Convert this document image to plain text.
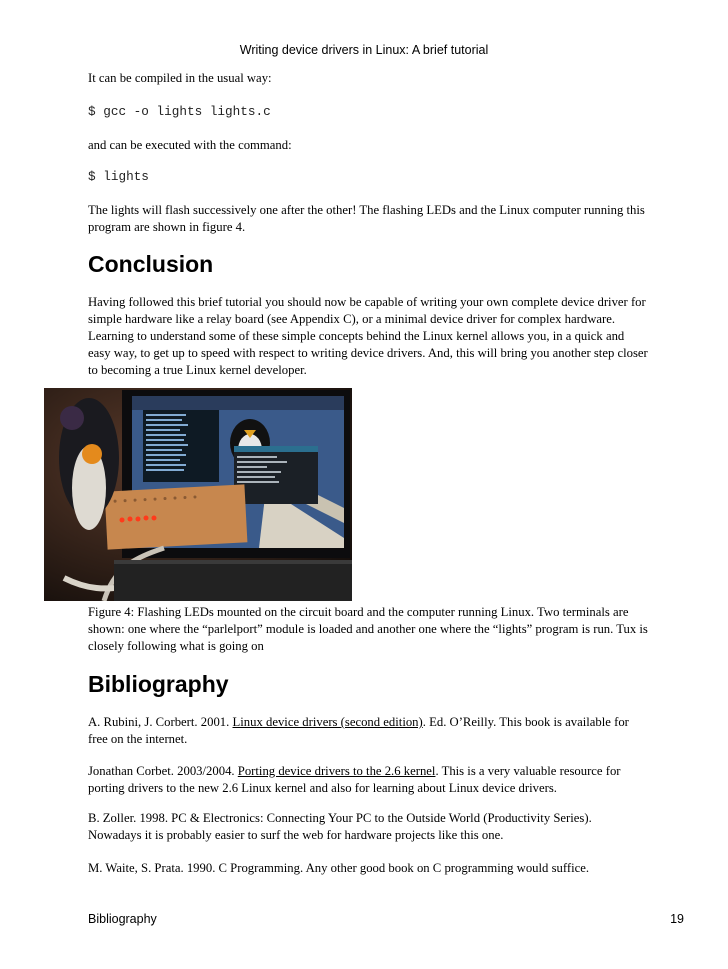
Writing device drivers in Linux: A brief tutorial

It can be compiled in the usual way:

$ gcc -o lights lights.c

and can be executed with the command:

$ lights

The lights will flash successively one after the other! The flashing LEDs and the Linux computer running this
program are shown in figure 4.

Conclusion

Having followed this brief tutorial you should now be capable of writing your own complete device driver for
simple hardware like a relay board (see Appendix C), or a minimal device driver for complex hardware.
Learning to understand some of these simple concepts behind the Linux kernel allows you, in a quick and
easy way, to get up to speed with respect to writing device drivers. And, this will bring you another step closer
to becoming a true Linux kernel developer.

Figure 4: Flashing LEDs mounted on the circuit board and the computer running Linux. Two terminals are
shown: one where the “parlelport” module is loaded and another one where the “lights” program is run. Tux is
closely following what is going on

Bibliography

A. Rubini, J. Corbert. 2001. Linux device drivers (second edition). Ed. O’Reilly. This book is available for
free on the internet.

Jonathan Corbet. 2003/2004. Porting device drivers to the 2.6 kernel. This is a very valuable resource for
porting drivers to the new 2.6 Linux kernel and also for learning about Linux device drivers.

B. Zoller. 1998. PC & Electronics: Connecting Your PC to the Outside World (Productivity Series).
Nowadays it is probably easier to surf the web for hardware projects like this one.

M. Waite, S. Prata. 1990. C Programming. Any other good book on C programming would suffice.

Bibliography	19
